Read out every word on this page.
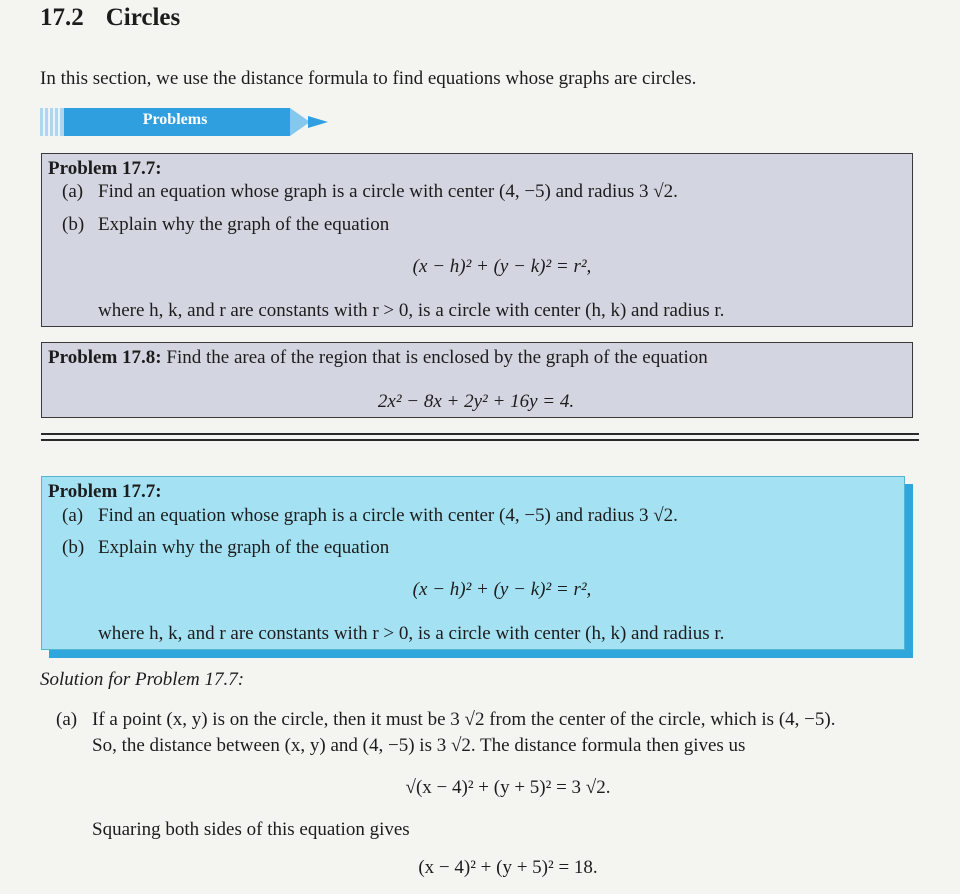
17.2 Circles
In this section, we use the distance formula to find equations whose graphs are circles.
Problems
Problem 17.7:
(a) Find an equation whose graph is a circle with center (4, −5) and radius 3 √2.
(b) Explain why the graph of the equation
(x − h)² + (y − k)² = r²,
where h, k, and r are constants with r > 0, is a circle with center (h, k) and radius r.
Problem 17.8: Find the area of the region that is enclosed by the graph of the equation
2x² − 8x + 2y² + 16y = 4.
Problem 17.7:
(a) Find an equation whose graph is a circle with center (4, −5) and radius 3 √2.
(b) Explain why the graph of the equation
(x − h)² + (y − k)² = r²,
where h, k, and r are constants with r > 0, is a circle with center (h, k) and radius r.
Solution for Problem 17.7:
(a) If a point (x, y) is on the circle, then it must be 3 √2 from the center of the circle, which is (4, −5).
So, the distance between (x, y) and (4, −5) is 3 √2. The distance formula then gives us
√(x − 4)² + (y + 5)² = 3 √2.
Squaring both sides of this equation gives
(x − 4)² + (y + 5)² = 18.
